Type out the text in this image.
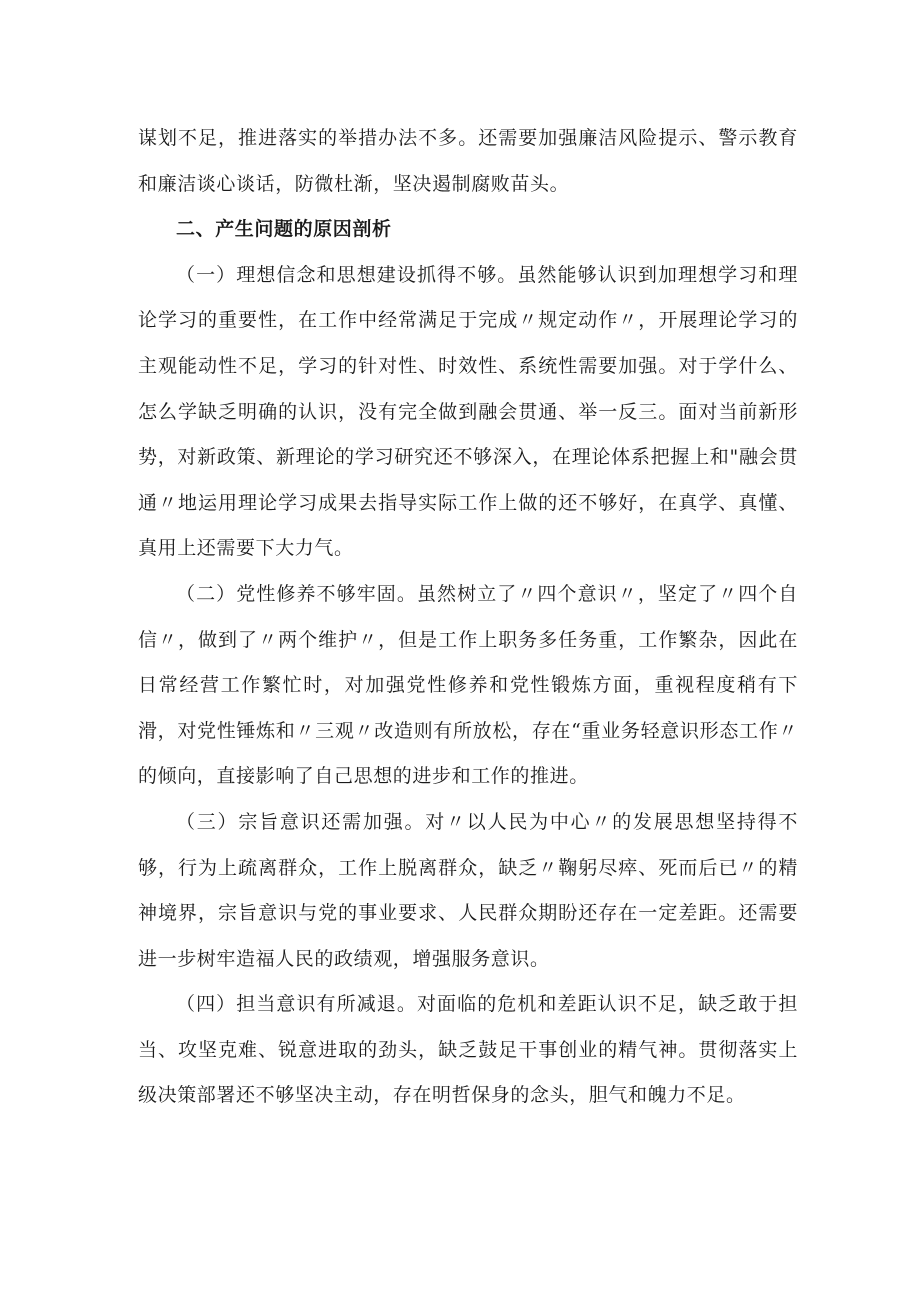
谋划不足，推进落实的举措办法不多。还需要加强廉洁风险提示、警示教育和廉洁谈心谈话，防微杜渐，坚决遏制腐败苗头。

二、产生问题的原因剖析

（一）理想信念和思想建设抓得不够。虽然能够认识到加理想学习和理论学习的重要性，在工作中经常满足于完成〃规定动作〃，开展理论学习的主观能动性不足，学习的针对性、时效性、系统性需要加强。对于学什么、怎么学缺乏明确的认识，没有完全做到融会贯通、举一反三。面对当前新形势，对新政策、新理论的学习研究还不够深入，在理论体系把握上和"融会贯通〃地运用理论学习成果去指导实际工作上做的还不够好，在真学、真懂、真用上还需要下大力气。

（二）党性修养不够牢固。虽然树立了〃四个意识〃，坚定了〃四个自信〃，做到了〃两个维护〃，但是工作上职务多任务重，工作繁杂，因此在日常经营工作繁忙时，对加强党性修养和党性锻炼方面，重视程度稍有下滑，对党性锤炼和〃三观〃改造则有所放松，存在“重业务轻意识形态工作〃的倾向，直接影响了自己思想的进步和工作的推进。

（三）宗旨意识还需加强。对〃以人民为中心〃的发展思想坚持得不够，行为上疏离群众，工作上脱离群众，缺乏〃鞠躬尽瘁、死而后已〃的精神境界，宗旨意识与党的事业要求、人民群众期盼还存在一定差距。还需要进一步树牢造福人民的政绩观，增强服务意识。

（四）担当意识有所减退。对面临的危机和差距认识不足，缺乏敢于担当、攻坚克难、锐意进取的劲头，缺乏鼓足干事创业的精气神。贯彻落实上级决策部署还不够坚决主动，存在明哲保身的念头，胆气和魄力不足。
